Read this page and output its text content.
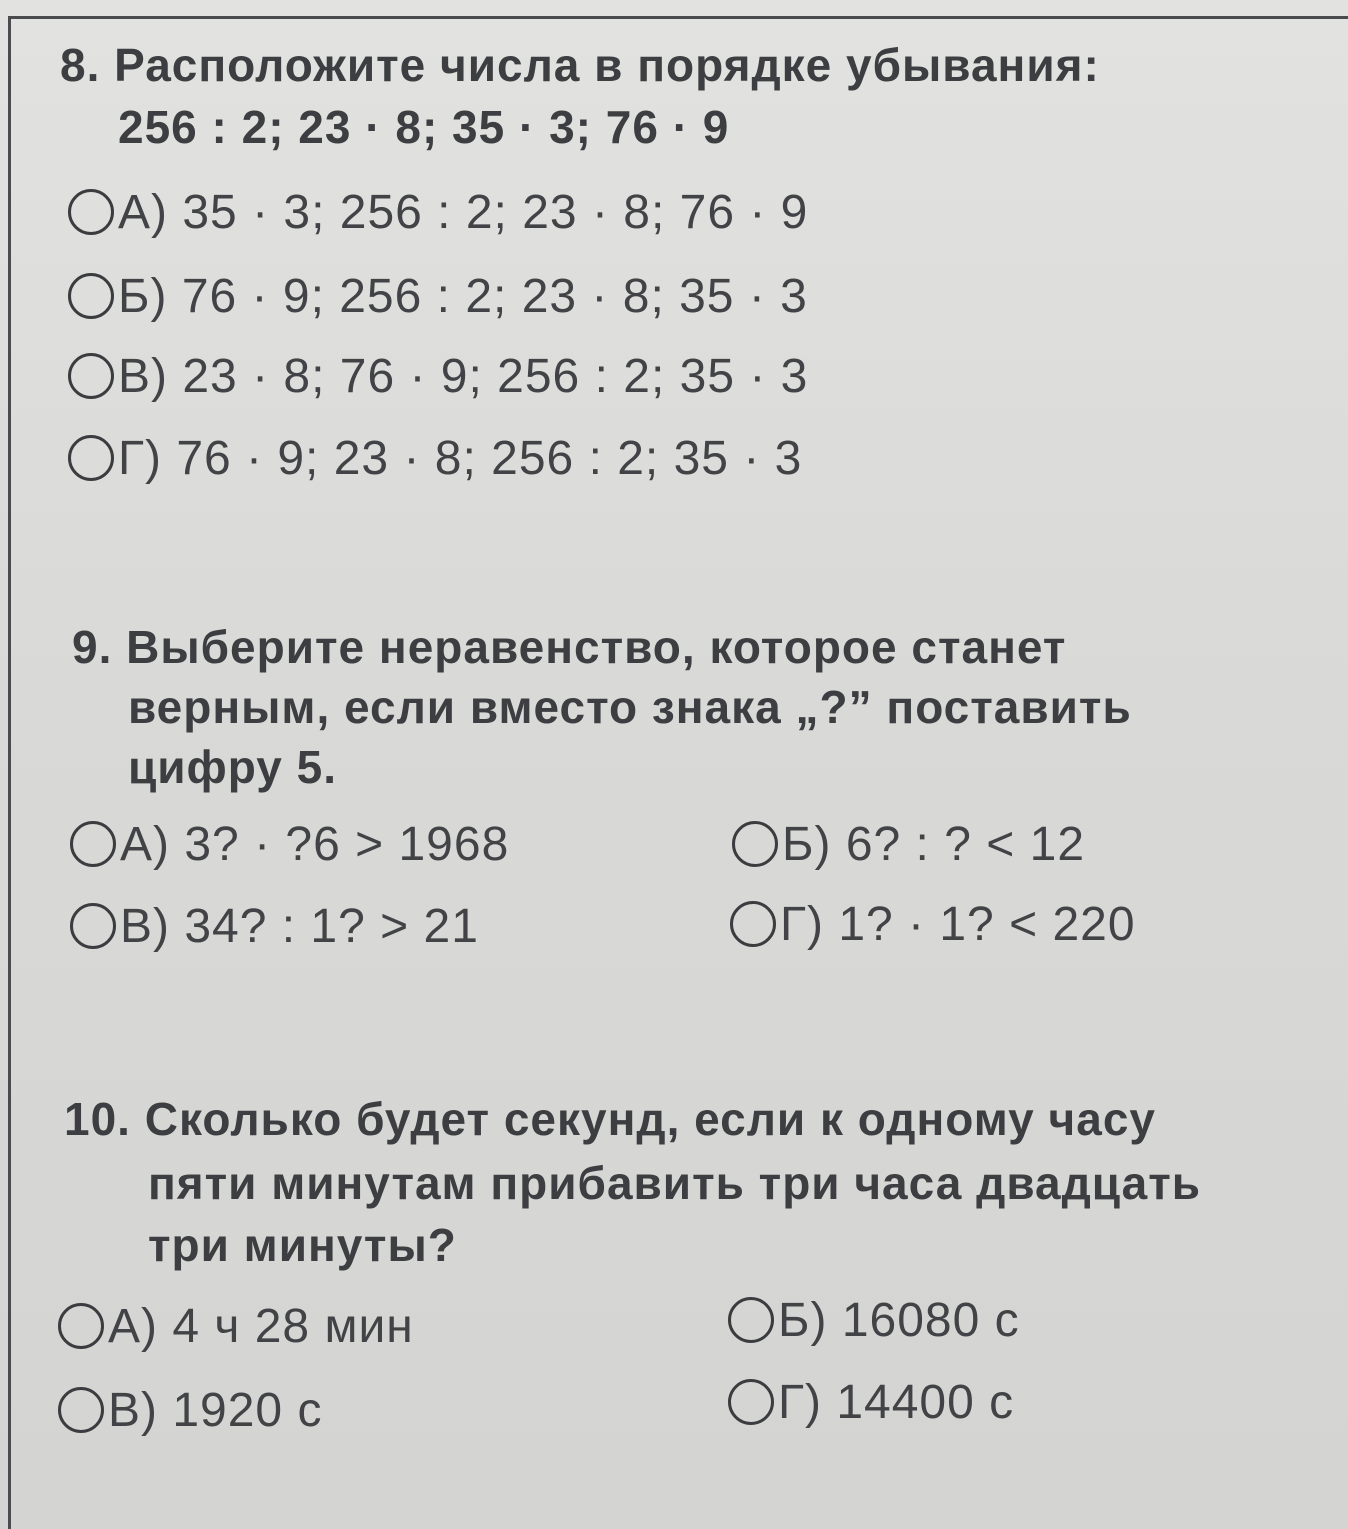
8. Расположите числа в порядке убывания:
256 : 2; 23 · 8; 35 · 3; 76 · 9
А) 35 · 3; 256 : 2; 23 · 8; 76 · 9
Б) 76 · 9; 256 : 2; 23 · 8; 35 · 3
В) 23 · 8; 76 · 9; 256 : 2; 35 · 3
Г) 76 · 9; 23 · 8; 256 : 2; 35 · 3
9. Выберите неравенство, которое станет
верным, если вместо знака „?” поставить
цифру 5.
А) 3? · ?6 > 1968	Б) 6? : ? < 12
В) 34? : 1? > 21	Г) 1? · 1? < 220
10. Сколько будет секунд, если к одному часу
пяти минутам прибавить три часа двадцать
три минуты?
А) 4 ч 28 мин	Б) 16080 с
В) 1920 с	Г) 14400 с
